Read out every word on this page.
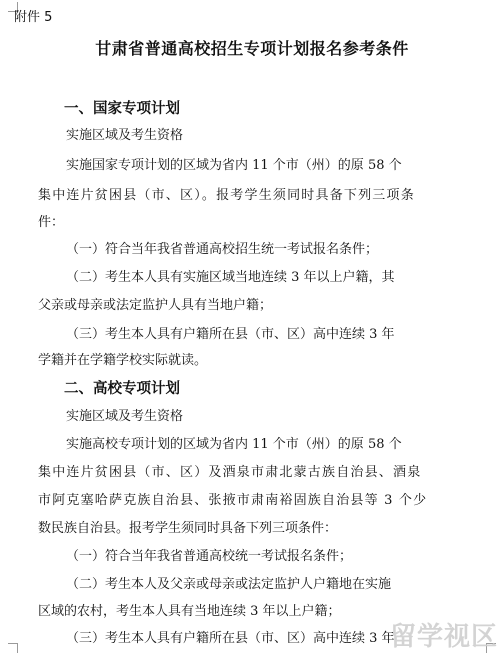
附件 5
甘肃省普通高校招生专项计划报名参考条件
一、国家专项计划
实施区域及考生资格
实施国家专项计划的区域为省内 11 个市（州）的原 58 个
集中连片贫困县（市、区）。报考学生须同时具备下列三项条
件：
（一）符合当年我省普通高校招生统一考试报名条件；
（二）考生本人具有实施区域当地连续 3 年以上户籍，其
父亲或母亲或法定监护人具有当地户籍；
（三）考生本人具有户籍所在县（市、区）高中连续 3 年
学籍并在学籍学校实际就读。
二、高校专项计划
实施区域及考生资格
实施高校专项计划的区域为省内 11 个市（州）的原 58 个
集中连片贫困县（市、区）及酒泉市肃北蒙古族自治县、酒泉
市阿克塞哈萨克族自治县、张掖市肃南裕固族自治县等 3 个少
数民族自治县。报考学生须同时具备下列三项条件：
（一）符合当年我省普通高校统一考试报名条件；
（二）考生本人及父亲或母亲或法定监护人户籍地在实施
区域的农村，考生本人具有当地连续 3 年以上户籍；
（三）考生本人具有户籍所在县（市、区）高中连续 3 年
留学视区
